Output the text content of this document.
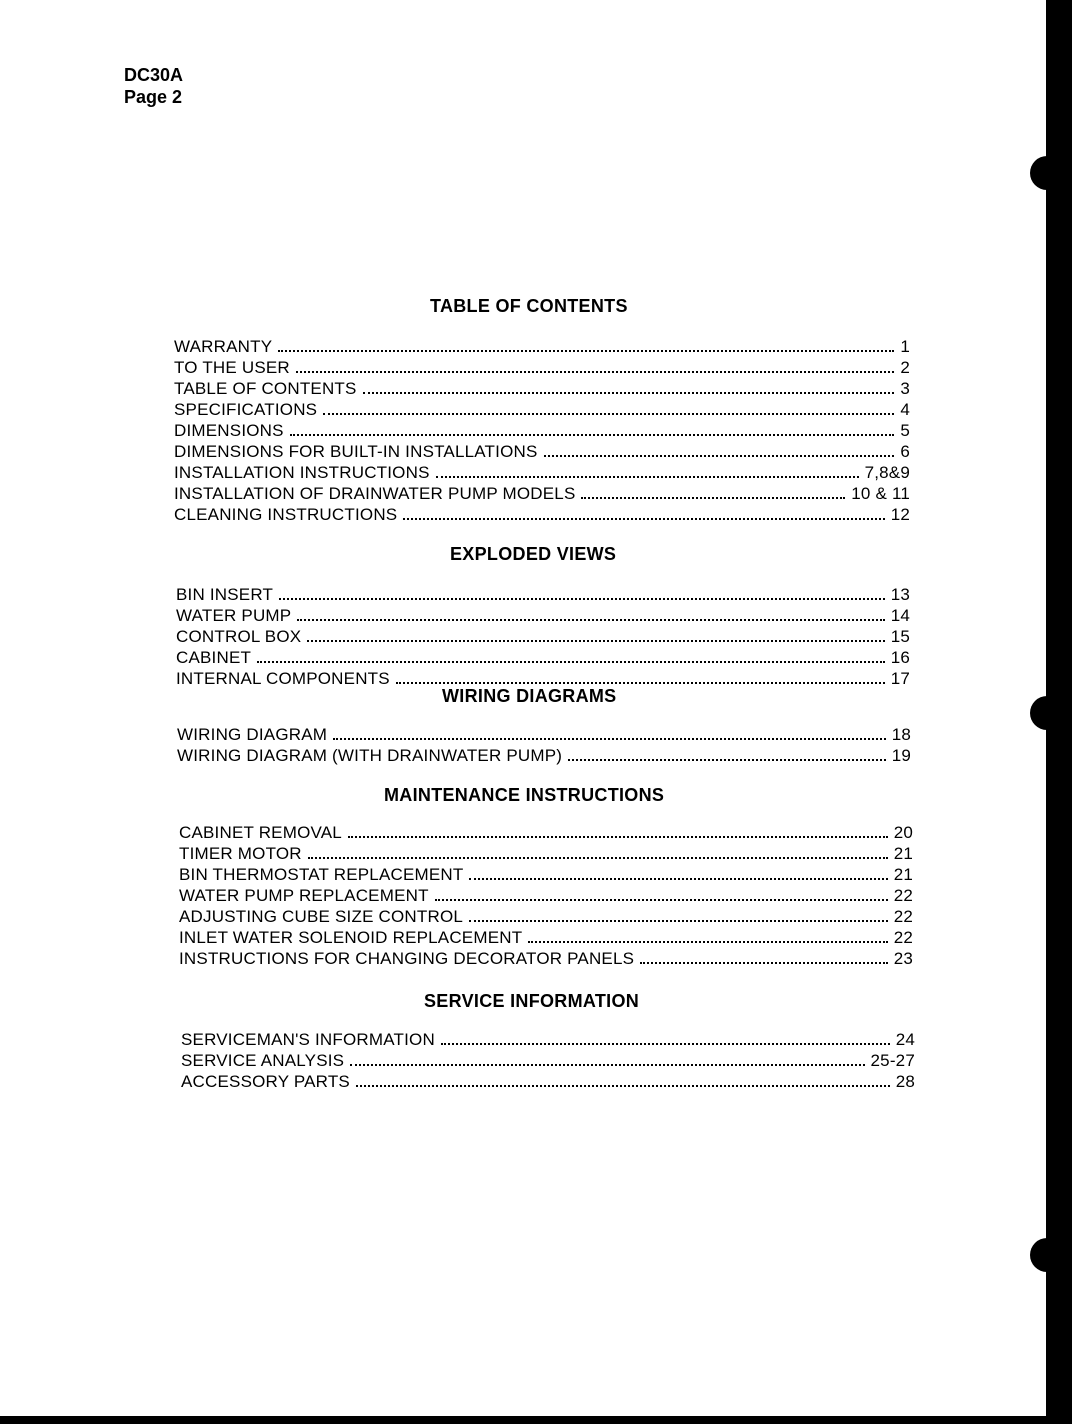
DC30A
Page 2
TABLE OF CONTENTS
WARRANTY	1
TO THE USER	2
TABLE OF CONTENTS	3
SPECIFICATIONS	4
DIMENSIONS	5
DIMENSIONS FOR BUILT-IN INSTALLATIONS	6
INSTALLATION INSTRUCTIONS	7,8&9
INSTALLATION OF DRAINWATER PUMP MODELS	10 & 11
CLEANING INSTRUCTIONS	12
EXPLODED VIEWS
BIN INSERT	13
WATER PUMP	14
CONTROL BOX	15
CABINET	16
INTERNAL COMPONENTS	17
WIRING DIAGRAMS
WIRING DIAGRAM	18
WIRING DIAGRAM (WITH DRAINWATER PUMP)	19
MAINTENANCE INSTRUCTIONS
CABINET REMOVAL	20
TIMER MOTOR	21
BIN THERMOSTAT REPLACEMENT	21
WATER PUMP REPLACEMENT	22
ADJUSTING CUBE SIZE CONTROL	22
INLET WATER SOLENOID REPLACEMENT	22
INSTRUCTIONS FOR CHANGING DECORATOR PANELS	23
SERVICE INFORMATION
SERVICEMAN'S INFORMATION	24
SERVICE ANALYSIS	25-27
ACCESSORY PARTS	28
